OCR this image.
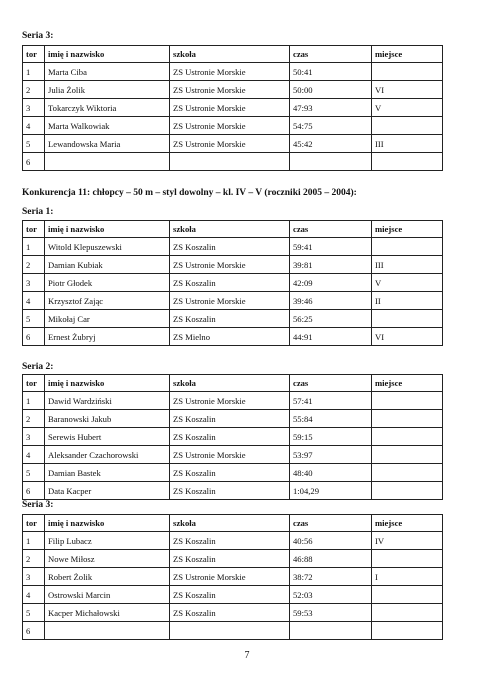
Seria 3:
tor	imię i nazwisko	szkoła	czas	miejsce
1	Marta Ciba	ZS Ustronie Morskie	50:41	
2	Julia Żolik	ZS Ustronie Morskie	50:00	VI
3	Tokarczyk Wiktoria	ZS Ustronie Morskie	47:93	V
4	Marta Walkowiak	ZS Ustronie Morskie	54:75	
5	Lewandowska Maria	ZS Ustronie Morskie	45:42	III
6				
Konkurencja 11: chłopcy – 50 m – styl dowolny – kl. IV – V (roczniki 2005 – 2004):
Seria 1:
tor	imię i nazwisko	szkoła	czas	miejsce
1	Witold Klepuszewski	ZS Koszalin	59:41	
2	Damian Kubiak	ZS Ustronie Morskie	39:81	III
3	Piotr Głodek	ZS Koszalin	42:09	V
4	Krzysztof Zając	ZS Ustronie Morskie	39:46	II
5	Mikołaj Car	ZS Koszalin	56:25	
6	Ernest Żubryj	ZS Mielno	44:91	VI
Seria 2:
tor	imię i nazwisko	szkoła	czas	miejsce
1	Dawid Wardziński	ZS Ustronie Morskie	57:41	
2	Baranowski Jakub	ZS Koszalin	55:84	
3	Serewis Hubert	ZS Koszalin	59:15	
4	Aleksander Czachorowski	ZS Ustronie Morskie	53:97	
5	Damian Bastek	ZS Koszalin	48:40	
6	Data Kacper	ZS Koszalin	1:04,29	
Seria 3:
tor	imię i nazwisko	szkoła	czas	miejsce
1	Filip Lubacz	ZS Koszalin	40:56	IV
2	Nowe Miłosz	ZS Koszalin	46:88	
3	Robert Żolik	ZS Ustronie Morskie	38:72	I
4	Ostrowski Marcin	ZS Koszalin	52:03	
5	Kacper Michałowski	ZS Koszalin	59:53	
6				
7
